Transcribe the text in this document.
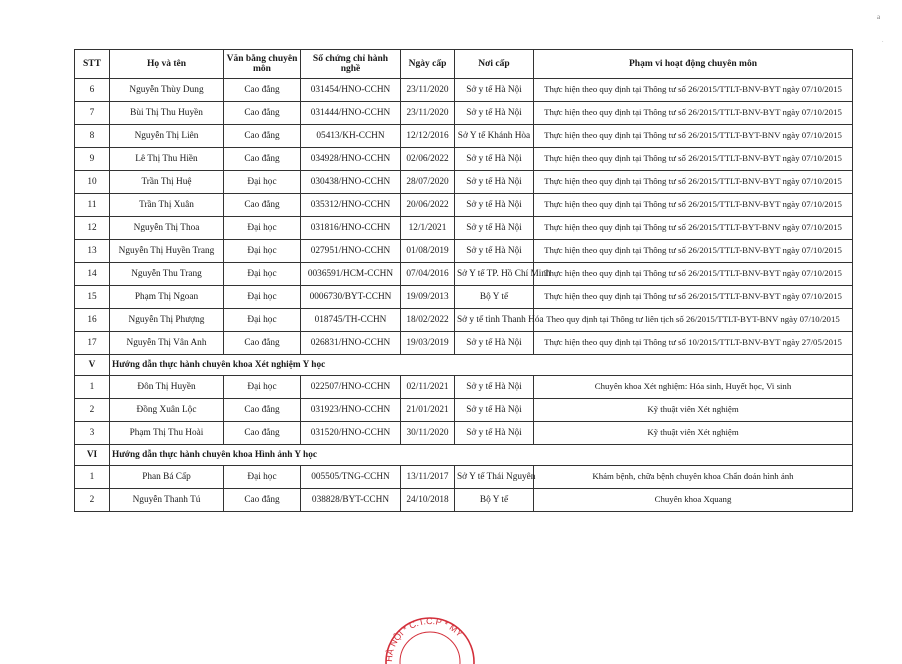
a
.
STT	Họ và tên	Văn bằng chuyên môn	Số chứng chỉ hành nghề	Ngày cấp	Nơi cấp	Phạm vi hoạt động chuyên môn
6	Nguyễn Thùy Dung	Cao đẳng	031454/HNO-CCHN	23/11/2020	Sở y tế Hà Nội	Thực hiện theo quy định tại Thông tư số 26/2015/TTLT-BNV-BYT ngày 07/10/2015
7	Bùi Thị Thu Huyền	Cao đẳng	031444/HNO-CCHN	23/11/2020	Sở y tế Hà Nội	Thực hiện theo quy định tại Thông tư số 26/2015/TTLT-BNV-BYT ngày 07/10/2015
8	Nguyễn Thị Liên	Cao đẳng	05413/KH-CCHN	12/12/2016	Sở Y tế Khánh Hòa	Thực hiện theo quy định tại Thông tư số 26/2015/TTLT-BYT-BNV ngày 07/10/2015
9	Lê Thị Thu Hiền	Cao đẳng	034928/HNO-CCHN	02/06/2022	Sở y tế Hà Nội	Thực hiện theo quy định tại Thông tư số 26/2015/TTLT-BNV-BYT ngày 07/10/2015
10	Trần Thị Huệ	Đại học	030438/HNO-CCHN	28/07/2020	Sở y tế Hà Nội	Thực hiện theo quy định tại Thông tư số 26/2015/TTLT-BNV-BYT ngày 07/10/2015
11	Trần Thị Xuân	Cao đẳng	035312/HNO-CCHN	20/06/2022	Sở y tế Hà Nội	Thực hiện theo quy định tại Thông tư số 26/2015/TTLT-BNV-BYT ngày 07/10/2015
12	Nguyễn Thị Thoa	Đại học	031816/HNO-CCHN	12/1/2021	Sở y tế Hà Nội	Thực hiện theo quy định tại Thông tư số 26/2015/TTLT-BYT-BNV ngày 07/10/2015
13	Nguyễn Thị Huyền Trang	Đại học	027951/HNO-CCHN	01/08/2019	Sở y tế Hà Nội	Thực hiện theo quy định tại Thông tư số 26/2015/TTLT-BNV-BYT ngày 07/10/2015
14	Nguyễn Thu Trang	Đại học	0036591/HCM-CCHN	07/04/2016	Sở Y tế TP. Hồ Chí Minh	Thực hiện theo quy định tại Thông tư số 26/2015/TTLT-BNV-BYT ngày 07/10/2015
15	Phạm Thị Ngoan	Đại học	0006730/BYT-CCHN	19/09/2013	Bộ Y tế	Thực hiện theo quy định tại Thông tư số 26/2015/TTLT-BNV-BYT ngày 07/10/2015
16	Nguyễn Thị Phượng	Đại học	018745/TH-CCHN	18/02/2022	Sở y tế tỉnh Thanh Hóa	Theo quy định tại Thông tư liên tịch số 26/2015/TTLT-BYT-BNV ngày 07/10/2015
17	Nguyễn Thị Vân Anh	Cao đẳng	026831/HNO-CCHN	19/03/2019	Sở y tế Hà Nội	Thực hiện theo quy định tại Thông tư số 10/2015/TTLT-BNV-BYT ngày 27/05/2015
V	Hướng dẫn thực hành chuyên khoa Xét nghiệm Y học					
1	Đôn Thị Huyền	Đại học	022507/HNO-CCHN	02/11/2021	Sở y tế Hà Nội	Chuyên khoa Xét nghiệm: Hóa sinh, Huyết học, Vi sinh
2	Đồng Xuân Lộc	Cao đẳng	031923/HNO-CCHN	21/01/2021	Sở y tế Hà Nội	Kỹ thuật viên Xét nghiệm
3	Phạm Thị Thu Hoài	Cao đẳng	031520/HNO-CCHN	30/11/2020	Sở y tế Hà Nội	Kỹ thuật viên Xét nghiệm
VI	Hướng dẫn thực hành chuyên khoa Hình ảnh Y học					
1	Phan Bá Cấp	Đại học	005505/TNG-CCHN	13/11/2017	Sở Y tế Thái Nguyên	Khám bệnh, chữa bệnh chuyên khoa Chẩn đoán hình ảnh
2	Nguyễn Thanh Tú	Cao đẳng	038828/BYT-CCHN	24/10/2018	Bộ Y tế	Chuyên khoa Xquang
HÀ NỘI * C.T.C.P * MY
